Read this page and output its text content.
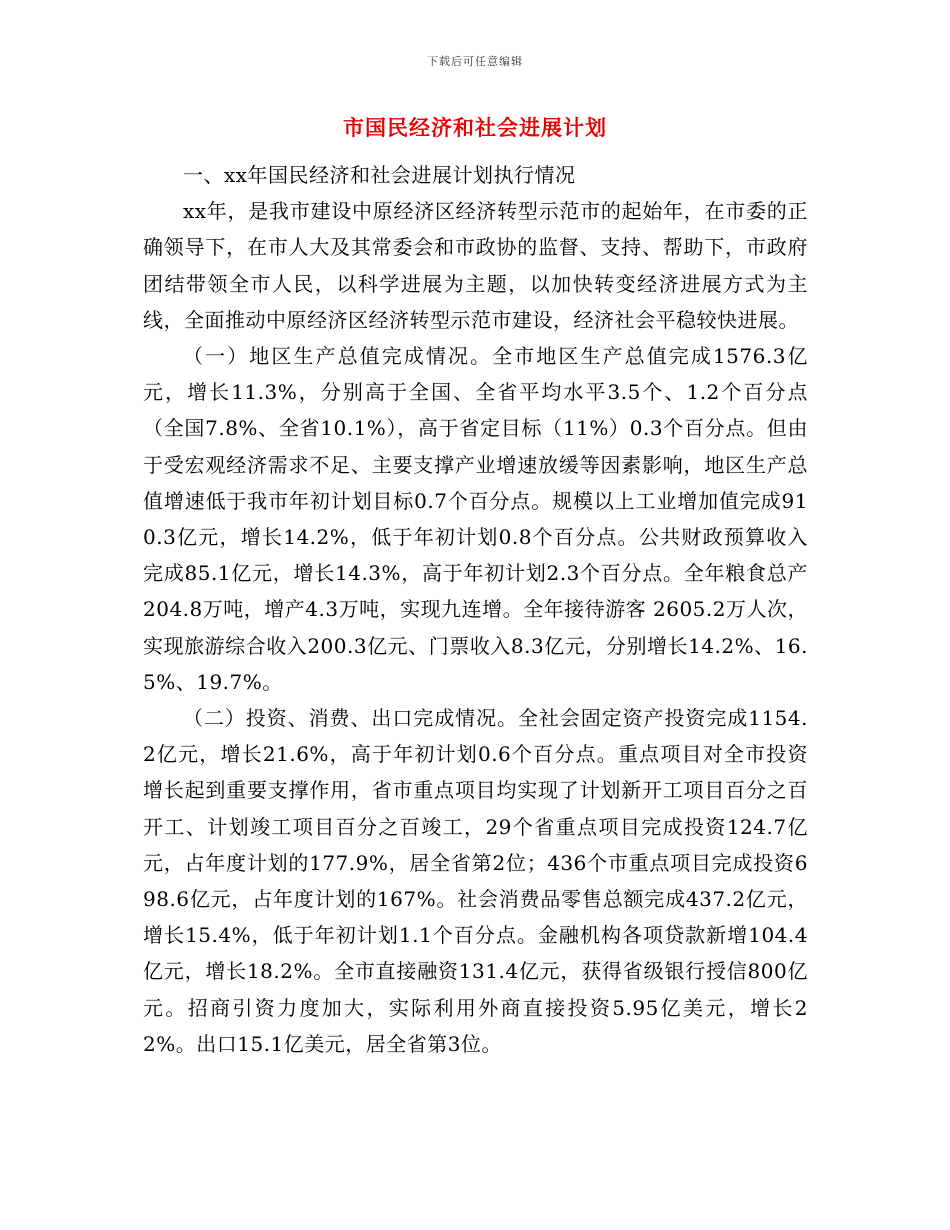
下载后可任意编辑
市国民经济和社会进展计划

一、xx年国民经济和社会进展计划执行情况

xx年，是我市建设中原经济区经济转型示范市的起始年，在市委的正确领导下，在市人大及其常委会和市政协的监督、支持、帮助下，市政府团结带领全市人民，以科学进展为主题，以加快转变经济进展方式为主线，全面推动中原经济区经济转型示范市建设，经济社会平稳较快进展。

（一）地区生产总值完成情况。全市地区生产总值完成1576.3亿元，增长11.3%，分别高于全国、全省平均水平3.5个、1.2个百分点（全国7.8%、全省10.1%），高于省定目标（11%）0.3个百分点。但由于受宏观经济需求不足、主要支撑产业增速放缓等因素影响，地区生产总值增速低于我市年初计划目标0.7个百分点。规模以上工业增加值完成910.3亿元，增长14.2%，低于年初计划0.8个百分点。公共财政预算收入完成85.1亿元，增长14.3%，高于年初计划2.3个百分点。全年粮食总产204.8万吨，增产4.3万吨，实现九连增。全年接待游客 2605.2万人次，实现旅游综合收入200.3亿元、门票收入8.3亿元，分别增长14.2%、16.5%、19.7%。

（二）投资、消费、出口完成情况。全社会固定资产投资完成1154.2亿元，增长21.6%，高于年初计划0.6个百分点。重点项目对全市投资增长起到重要支撑作用，省市重点项目均实现了计划新开工项目百分之百开工、计划竣工项目百分之百竣工，29个省重点项目完成投资124.7亿元，占年度计划的177.9%，居全省第2位；436个市重点项目完成投资698.6亿元，占年度计划的167%。社会消费品零售总额完成437.2亿元，增长15.4%，低于年初计划1.1个百分点。金融机构各项贷款新增104.4亿元，增长18.2%。全市直接融资131.4亿元，获得省级银行授信800亿元。招商引资力度加大，实际利用外商直接投资5.95亿美元，增长22%。出口15.1亿美元，居全省第3位。
